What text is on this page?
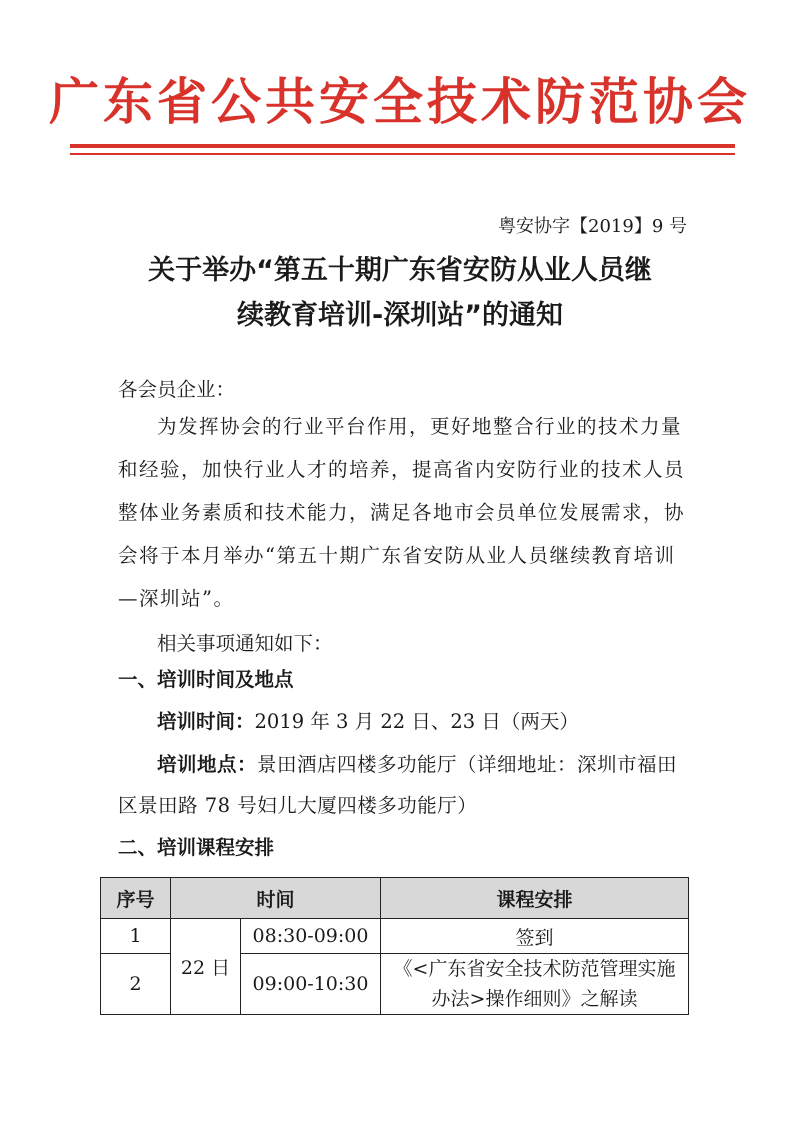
广东省公共安全技术防范协会
粤安协字【2019】9 号
关于举办“第五十期广东省安防从业人员继
续教育培训-深圳站”的通知
各会员企业：
为发挥协会的行业平台作用，更好地整合行业的技术力量和经验，加快行业人才的培养，提高省内安防行业的技术人员整体业务素质和技术能力，满足各地市会员单位发展需求，协会将于本月举办“第五十期广东省安防从业人员继续教育培训—深圳站”。
相关事项通知如下：
一、培训时间及地点
培训时间：2019 年 3 月 22 日、23 日（两天）
培训地点：景田酒店四楼多功能厅（详细地址：深圳市福田区景田路 78 号妇儿大厦四楼多功能厅）
二、培训课程安排
序号	时间		课程安排
1	22 日	08:30-09:00	签到
2		09:00-10:30	《<广东省安全技术防范管理实施办法>操作细则》之解读
